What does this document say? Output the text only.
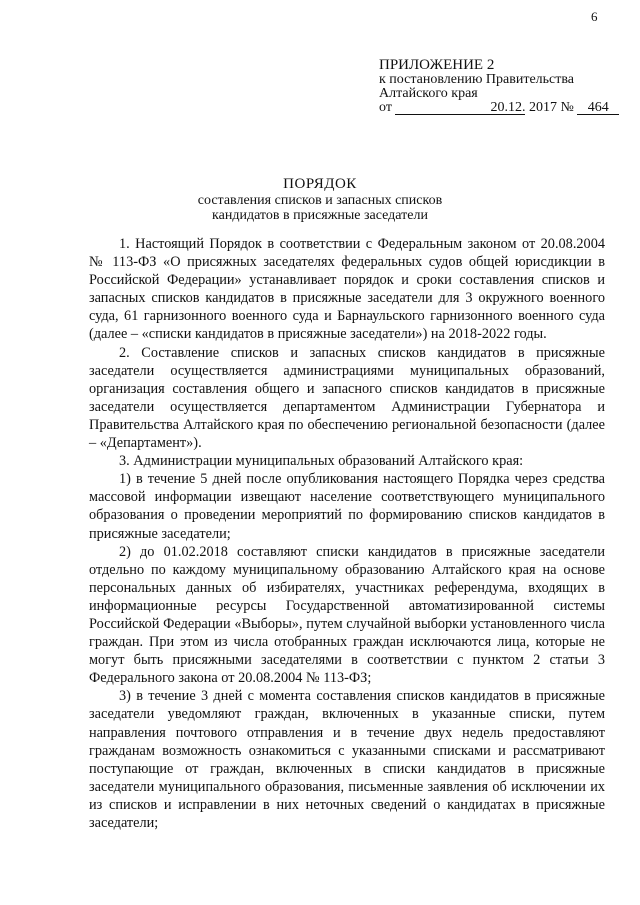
6
ПРИЛОЖЕНИЕ 2
к постановлению Правительства
Алтайского края
от	20.12. 2017 № 464
ПОРЯДОК
составления списков и запасных списков
кандидатов в присяжные заседатели

1. Настоящий Порядок в соответствии с Федеральным законом от 20.08.2004 № 113-ФЗ «О присяжных заседателях федеральных судов общей юрисдикции в Российской Федерации» устанавливает порядок и сроки составления списков и запасных списков кандидатов в присяжные заседатели для 3 окружного военного суда, 61 гарнизонного военного суда и Барнаульского гарнизонного военного суда (далее – «списки кандидатов в присяжные заседатели») на 2018-2022 годы.

2. Составление списков и запасных списков кандидатов в присяжные заседатели осуществляется администрациями муниципальных образований, организация составления общего и запасного списков кандидатов в присяжные заседатели осуществляется департаментом Администрации Губернатора и Правительства Алтайского края по обеспечению региональной безопасности (далее – «Департамент»).

3. Администрации муниципальных образований Алтайского края:

1) в течение 5 дней после опубликования настоящего Порядка через средства массовой информации извещают население соответствующего муниципального образования о проведении мероприятий по формированию списков кандидатов в присяжные заседатели;

2) до 01.02.2018 составляют списки кандидатов в присяжные заседатели отдельно по каждому муниципальному образованию Алтайского края на основе персональных данных об избирателях, участниках референдума, входящих в информационные ресурсы Государственной автоматизированной системы Российской Федерации «Выборы», путем случайной выборки установленного числа граждан. При этом из числа отобранных граждан исключаются лица, которые не могут быть присяжными заседателями в соответствии с пунктом 2 статьи 3 Федерального закона от 20.08.2004 № 113-ФЗ;

3) в течение 3 дней с момента составления списков кандидатов в присяжные заседатели уведомляют граждан, включенных в указанные списки, путем направления почтового отправления и в течение двух недель предоставляют гражданам возможность ознакомиться с указанными списками и рассматривают поступающие от граждан, включенных в списки кандидатов в присяжные заседатели муниципального образования, письменные заявления об исключении их из списков и исправлении в них неточных сведений о кандидатах в присяжные заседатели;
